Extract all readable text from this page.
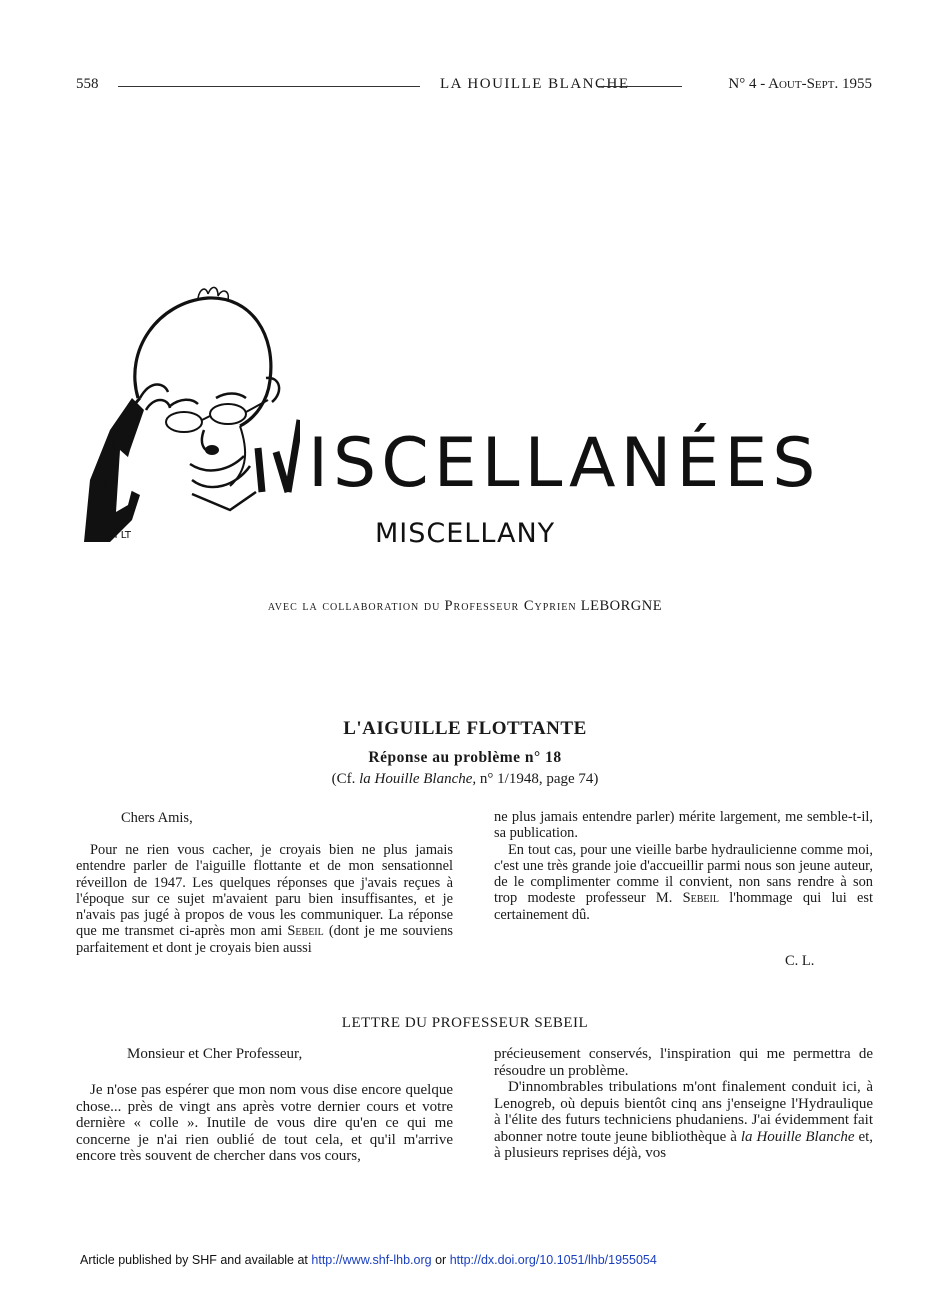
558	LA HOUILLE BLANCHE	N° 4 - Aout-Sept. 1955
H LT
ISCELLANÉES
MISCELLANY
avec la collaboration du Professeur Cyprien LEBORGNE
L'AIGUILLE FLOTTANTE
Réponse au problème n° 18
(Cf. la Houille Blanche, n° 1/1948, page 74)
Chers Amis,

Pour ne rien vous cacher, je croyais bien ne plus jamais entendre parler de l'aiguille flottante et de mon sensationnel réveillon de 1947. Les quelques réponses que j'avais reçues à l'époque sur ce sujet m'avaient paru bien insuffisantes, et je n'avais pas jugé à propos de vous les communiquer. La réponse que me transmet ci-après mon ami Sebeil (dont je me souviens parfaitement et dont je croyais bien aussi

ne plus jamais entendre parler) mérite largement, me semble-t-il, sa publication.

En tout cas, pour une vieille barbe hydraulicienne comme moi, c'est une très grande joie d'accueillir parmi nous son jeune auteur, de le complimenter comme il convient, non sans rendre à son trop modeste professeur M. Sebeil l'hommage qui lui est certainement dû.

C. L.
LETTRE DU PROFESSEUR SEBEIL
Monsieur et Cher Professeur,

Je n'ose pas espérer que mon nom vous dise encore quelque chose... près de vingt ans après votre dernier cours et votre dernière « colle ». Inutile de vous dire qu'en ce qui me concerne je n'ai rien oublié de tout cela, et qu'il m'arrive encore très souvent de chercher dans vos cours,

précieusement conservés, l'inspiration qui me permettra de résoudre un problème.

D'innombrables tribulations m'ont finalement conduit ici, à Lenogreb, où depuis bientôt cinq ans j'enseigne l'Hydraulique à l'élite des futurs techniciens phudaniens. J'ai évidemment fait abonner notre toute jeune bibliothèque à la Houille Blanche et, à plusieurs reprises déjà, vos

Article published by SHF and available at http://www.shf-lhb.org or http://dx.doi.org/10.1051/lhb/1955054
